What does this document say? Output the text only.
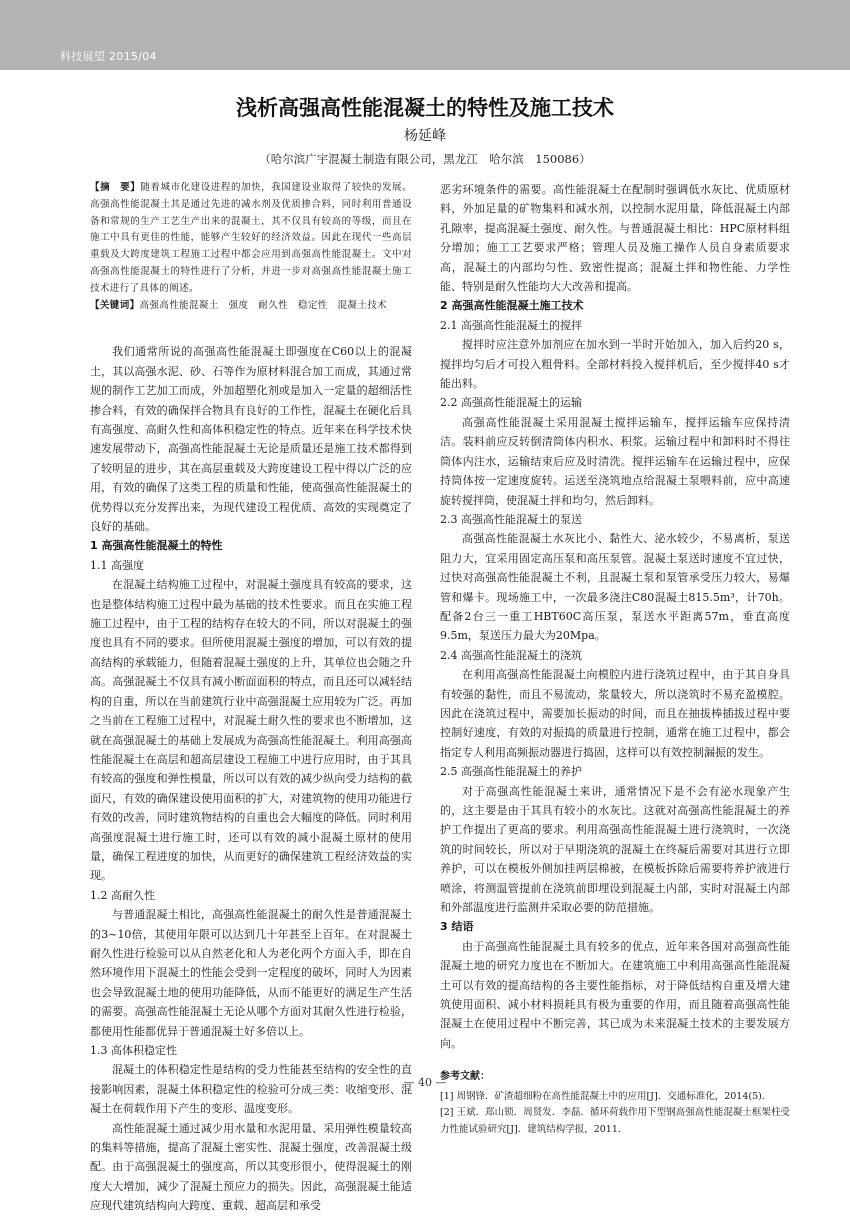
科技展望 2015/04
浅析高强高性能混凝土的特性及施工技术
杨延峰
（哈尔滨广宇混凝土制造有限公司，黑龙江　哈尔滨　150086）

【摘　要】随着城市化建设进程的加快，我国建设业取得了较快的发展。高强高性能混凝土其是通过先进的减水剂及优质掺合料，同时利用普通设备和常规的生产工艺生产出来的混凝土，其不仅具有较高的等级，而且在施工中具有更佳的性能，能够产生较好的经济效益。因此在现代一些高层重载及大跨度建筑工程施工过程中都会应用到高强高性能混凝土。文中对高强高性能混凝土的特性进行了分析，并进一步对高强高性能混凝土施工技术进行了具体的阐述。

【关键词】高强高性能混凝土　强度　耐久性　稳定性　混凝土技术

我们通常所说的高强高性能混凝土即强度在C60以上的混凝土，其以高强水泥、砂、石等作为原材料混合加工而成，其通过常规的制作工艺加工而成，外加超塑化剂或是加入一定量的超细活性掺合料，有效的确保拌合物具有良好的工作性，混凝土在硬化后具有高强度、高耐久性和高体积稳定性的特点。近年来在科学技术快速发展带动下，高强高性能混凝土无论是质量还是施工技术都得到了较明显的进步，其在高层重载及大跨度建设工程中得以广泛的应用，有效的确保了这类工程的质量和性能，使高强高性能混凝土的优势得以充分发挥出来，为现代建设工程优质、高效的实现奠定了良好的基础。

1 高强高性能混凝土的特性

1.1 高强度

在混凝土结构施工过程中，对混凝土强度具有较高的要求，这也是整体结构施工过程中最为基础的技术性要求。而且在实施工程施工过程中，由于工程的结构存在较大的不同，所以对混凝土的强度也具有不同的要求。但所使用混凝土强度的增加，可以有效的提高结构的承载能力，但随着混凝土强度的上升，其单位也会随之升高。高强混凝土不仅具有减小断面面积的特点，而且还可以减轻结构的自重，所以在当前建筑行业中高强混凝土应用较为广泛。再加之当前在工程施工过程中，对混凝土耐久性的要求也不断增加，这就在高强混凝土的基础上发展成为高强高性能混凝土。利用高强高性能混凝土在高层和超高层建设工程施工中进行应用时，由于其具有较高的强度和弹性模量，所以可以有效的减少纵向受力结构的截面尺，有效的确保建设使用面积的扩大，对建筑物的使用功能进行有效的改善，同时建筑物结构的自重也会大幅度的降低。同时利用高强度混凝土进行施工时，还可以有效的减小混凝土原材的使用量，确保工程进度的加快，从而更好的确保建筑工程经济效益的实现。

1.2 高耐久性

与普通混凝土相比，高强高性能混凝土的耐久性是普通混凝土的3~10倍，其使用年限可以达到几十年甚至上百年。在对混凝土耐久性进行检验可以从自然老化和人为老化两个方面入手，即在自然环境作用下混凝土的性能会受到一定程度的破坏，同时人为因素也会导致混凝土地的使用功能降低，从而不能更好的满足生产生活的需要。高强高性能混凝土无论从哪个方面对其耐久性进行检验，都使用性能都优异于普通混凝土好多倍以上。

1.3 高体积稳定性

混凝土的体积稳定性是结构的受力性能甚至结构的安全性的直接影响因素，混凝土体积稳定性的检验可分成三类：收缩变形、混凝土在荷载作用下产生的变形、温度变形。

高性能混凝土通过减少用水量和水泥用量、采用弹性模量较高的集料等措施，提高了混凝土密实性、混凝土强度，改善混凝土级配。由于高强混凝土的强度高，所以其变形很小，使得混凝土的刚度大大增加，减少了混凝土预应力的损失。因此，高强混凝土能适应现代建筑结构向大跨度、重载、超高层和承受

恶劣环境条件的需要。高性能混凝土在配制时强调低水灰比、优质原材料，外加足量的矿物集料和减水剂，以控制水泥用量，降低混凝土内部孔隙率，提高混凝土强度、耐久性。与普通混凝土相比：HPC原材料组分增加；施工工艺要求严格；管理人员及施工操作人员自身素质要求高，混凝土的内部均匀性、致密性提高；混凝土拌和物性能、力学性能、特别是耐久性能均大大改善和提高。

2 高强高性能混凝土施工技术

2.1 高强高性能混凝土的搅拌

搅拌时应注意外加剂应在加水到一半时开始加入，加入后约20 s，搅拌均匀后才可投入粗骨料。全部材料投入搅拌机后，至少搅拌40 s才能出料。

2.2 高强高性能混凝土的运输

高强高性能混凝土采用混凝土搅拌运输车，搅拌运输车应保持清洁。装料前应反转倒清筒体内积水、积浆。运输过程中和卸料时不得往筒体内注水，运输结束后应及时清洗。搅拌运输车在运输过程中，应保持筒体按一定速度旋转。运送至浇筑地点给混凝土泵喂料前，应中高速旋转搅拌筒，使混凝土拌和均匀，然后卸料。

2.3 高强高性能混凝土的泵送

高强高性能混凝土水灰比小、黏性大、泌水较少，不易离析，泵送阻力大，宜采用固定高压泵和高压泵管。混凝土泵送时速度不宜过快，过快对高强高性能混凝土不利，且混凝土泵和泵管承受压力较大，易爆管和爆卡。现场施工中，一次最多浇注C80混凝土815.5m³，计70h。配备2台三一重工HBT60C高压泵，泵送水平距离57m，垂直高度9.5m，泵送压力最大为20Mpa。

2.4 高强高性能混凝土的浇筑

在利用高强高性能混凝土向模腔内进行浇筑过程中，由于其自身具有较强的黏性，而且不易流动，浆量较大，所以浇筑时不易充盈模腔。因此在浇筑过程中，需要加长振动的时间，而且在抽拔棒插拔过程中要控制好速度，有效的对振捣的质量进行控制，通常在施工过程中，都会指定专人利用高频振动器进行捣固，这样可以有效控制漏振的发生。

2.5 高强高性能混凝土的养护

对于高强高性能混凝土来讲，通常情况下是不会有泌水现象产生的，这主要是由于其具有较小的水灰比。这就对高强高性能混凝土的养护工作提出了更高的要求。利用高强高性能混凝土进行浇筑时，一次浇筑的时间较长，所以对于早期浇筑的混凝土在终凝后需要对其进行立即养护，可以在模板外侧加挂两层棉被，在模板拆除后需要将养护液进行喷涂，将测温管提前在浇筑前即埋设到混凝土内部，实时对混凝土内部和外部温度进行监测并采取必要的防范措施。

3 结语

由于高强高性能混凝土具有较多的优点，近年来各国对高强高性能混凝土地的研究力度也在不断加大。在建筑施工中利用高强高性能混凝土可以有效的提高结构的各主要性能指标，对于降低结构自重及增大建筑使用面积、减小材料损耗具有极为重要的作用，而且随着高强高性能混凝土在使用过程中不断完善，其已成为未来混凝土技术的主要发展方向。

参考文献：

[1] 周钢锋．矿渣超细粉在高性能混凝土中的应用[J]．交通标准化，2014(5).

[2] 王斌．郑山锁．周贤发．李磊．循环荷载作用下型钢高强高性能混凝土框架柱受力性能试验研究[J]．建筑结构学报，2011.

— 40 —
